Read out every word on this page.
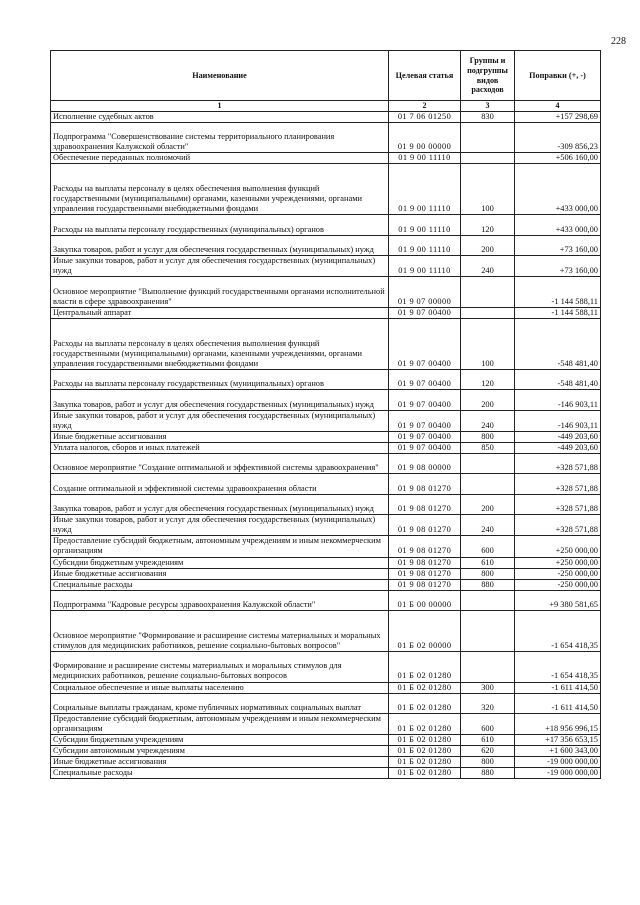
228
Наименование	Целевая статья	Группы и подгруппы видов расходов	Поправки (+, -)
1	2	3	4
Исполнение судебных актов	01 7 06 01250	830	+157 298,69
Подпрограмма "Совершенствование системы территориального планирования здравоохранения Калужской области"	01 9 00 00000		-309 856,23
Обеспечение переданных полномочий	01 9 00 11110		+506 160,00
Расходы на выплаты персоналу в целях обеспечения выполнения функций государственными (муниципальными) органами, казенными учреждениями, органами управления государственными внебюджетными фондами	01 9 00 11110	100	+433 000,00
Расходы на выплаты персоналу государственных (муниципальных) органов	01 9 00 11110	120	+433 000,00
Закупка товаров, работ и услуг для обеспечения государственных (муниципальных) нужд	01 9 00 11110	200	+73 160,00
Иные закупки товаров, работ и услуг для обеспечения государственных (муниципальных) нужд	01 9 00 11110	240	+73 160,00
Основное мероприятие "Выполнение функций государственными органами исполнительной власти в сфере здравоохранения"	01 9 07 00000		-1 144 588,11
Центральный аппарат	01 9 07 00400		-1 144 588,11
Расходы на выплаты персоналу в целях обеспечения выполнения функций государственными (муниципальными) органами, казенными учреждениями, органами управления государственными внебюджетными фондами	01 9 07 00400	100	-548 481,40
Расходы на выплаты персоналу государственных (муниципальных) органов	01 9 07 00400	120	-548 481,40
Закупка товаров, работ и услуг для обеспечения государственных (муниципальных) нужд	01 9 07 00400	200	-146 903,11
Иные закупки товаров, работ и услуг для обеспечения государственных (муниципальных) нужд	01 9 07 00400	240	-146 903,11
Иные бюджетные ассигнования	01 9 07 00400	800	-449 203,60
Уплата налогов, сборов и иных платежей	01 9 07 00400	850	-449 203,60
Основное мероприятие "Создание оптимальной и эффективной системы здравоохранения"	01 9 08 00000		+328 571,88
Создание оптимальной и эффективной системы здравоохранения области	01 9 08 01270		+328 571,88
Закупка товаров, работ и услуг для обеспечения государственных (муниципальных) нужд	01 9 08 01270	200	+328 571,88
Иные закупки товаров, работ и услуг для обеспечения государственных (муниципальных) нужд	01 9 08 01270	240	+328 571,88
Предоставление субсидий бюджетным, автономным учреждениям и иным некоммерческим организациям	01 9 08 01270	600	+250 000,00
Субсидии бюджетным учреждениям	01 9 08 01270	610	+250 000,00
Иные бюджетные ассигнования	01 9 08 01270	800	-250 000,00
Специальные расходы	01 9 08 01270	880	-250 000,00
Подпрограмма "Кадровые ресурсы здравоохранения Калужской области"	01 Б 00 00000		+9 380 581,65
Основное мероприятие "Формирование и расширение системы материальных и моральных стимулов для медицинских работников, решение социально-бытовых вопросов"	01 Б 02 00000		-1 654 418,35
Формирование и расширение системы материальных и моральных стимулов для медицинских работников, решение социально-бытовых вопросов	01 Б 02 01280		-1 654 418,35
Социальное обеспечение и иные выплаты населению	01 Б 02 01280	300	-1 611 414,50
Социальные выплаты гражданам, кроме публичных нормативных социальных выплат	01 Б 02 01280	320	-1 611 414,50
Предоставление субсидий бюджетным, автономным учреждениям и иным некоммерческим организациям	01 Б 02 01280	600	+18 956 996,15
Субсидии бюджетным учреждениям	01 Б 02 01280	610	+17 356 653,15
Субсидии автономным учреждениям	01 Б 02 01280	620	+1 600 343,00
Иные бюджетные ассигнования	01 Б 02 01280	800	-19 000 000,00
Специальные расходы	01 Б 02 01280	880	-19 000 000,00
